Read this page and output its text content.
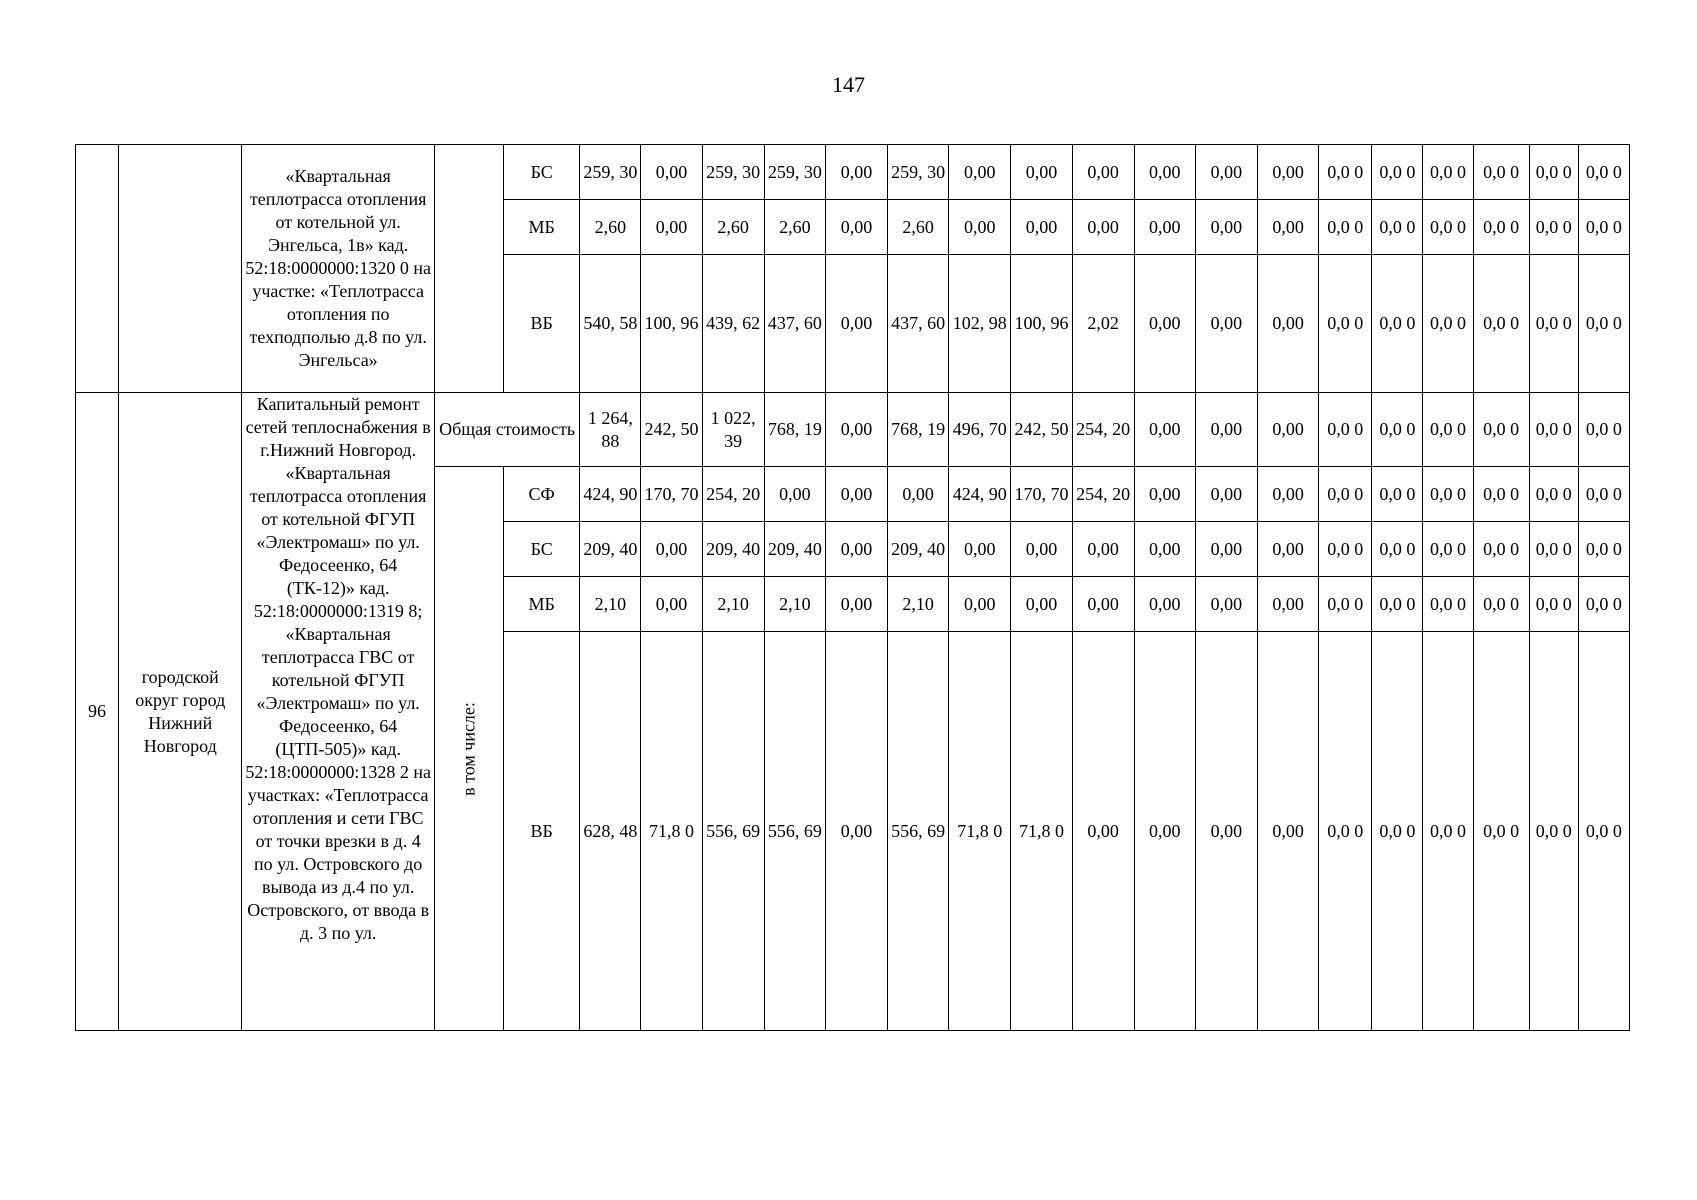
147
		«Квартальная теплотрасса отопления от котельной ул. Энгельса, 1в» кад. 52:18:0000000:1320 0 на участке: «Теплотрасса отопления по техподполью д.8 по ул. Энгельса»		БС	259, 30	0,00	259, 30	259, 30	0,00	259, 30	0,00	0,00	0,00	0,00	0,00	0,00	0,0 0	0,0 0	0,0 0	0,0 0	0,0 0	0,0 0
				МБ	2,60	0,00	2,60	2,60	0,00	2,60	0,00	0,00	0,00	0,00	0,00	0,00	0,0 0	0,0 0	0,0 0	0,0 0	0,0 0	0,0 0
				ВБ	540, 58	100, 96	439, 62	437, 60	0,00	437, 60	102, 98	100, 96	2,02	0,00	0,00	0,00	0,0 0	0,0 0	0,0 0	0,0 0	0,0 0	0,0 0
96	городской округ город Нижний Новгород	Капитальный ремонт сетей теплоснабжения в г.Нижний Новгород. «Квартальная теплотрасса отопления от котельной ФГУП «Электромаш» по ул. Федосеенко, 64 (ТК-12)» кад. 52:18:0000000:1319 8; «Квартальная теплотрасса ГВС от котельной ФГУП «Электромаш» по ул. Федосеенко, 64 (ЦТП-505)» кад. 52:18:0000000:1328 2 на участках: «Теплотрасса отопления и сети ГВС от точки врезки в д. 4 по ул. Островского до вывода из д.4 по ул. Островского, от ввода в д. 3 по ул.	Общая стоимость		1 264, 88	242, 50	1 022, 39	768, 19	0,00	768, 19	496, 70	242, 50	254, 20	0,00	0,00	0,00	0,0 0	0,0 0	0,0 0	0,0 0	0,0 0	0,0 0

			в том числе:	СФ	424, 90	170, 70	254, 20	0,00	0,00	0,00	424, 90	170, 70	254, 20	0,00	0,00	0,00	0,0 0	0,0 0	0,0 0	0,0 0	0,0 0	0,0 0
				БС	209, 40	0,00	209, 40	209, 40	0,00	209, 40	0,00	0,00	0,00	0,00	0,00	0,00	0,0 0	0,0 0	0,0 0	0,0 0	0,0 0	0,0 0
				МБ	2,10	0,00	2,10	2,10	0,00	2,10	0,00	0,00	0,00	0,00	0,00	0,00	0,0 0	0,0 0	0,0 0	0,0 0	0,0 0	0,0 0
				ВБ	628, 48	71,8 0	556, 69	556, 69	0,00	556, 69	71,8 0	71,8 0	0,00	0,00	0,00	0,00	0,0 0	0,0 0	0,0 0	0,0 0	0,0 0	0,0 0
